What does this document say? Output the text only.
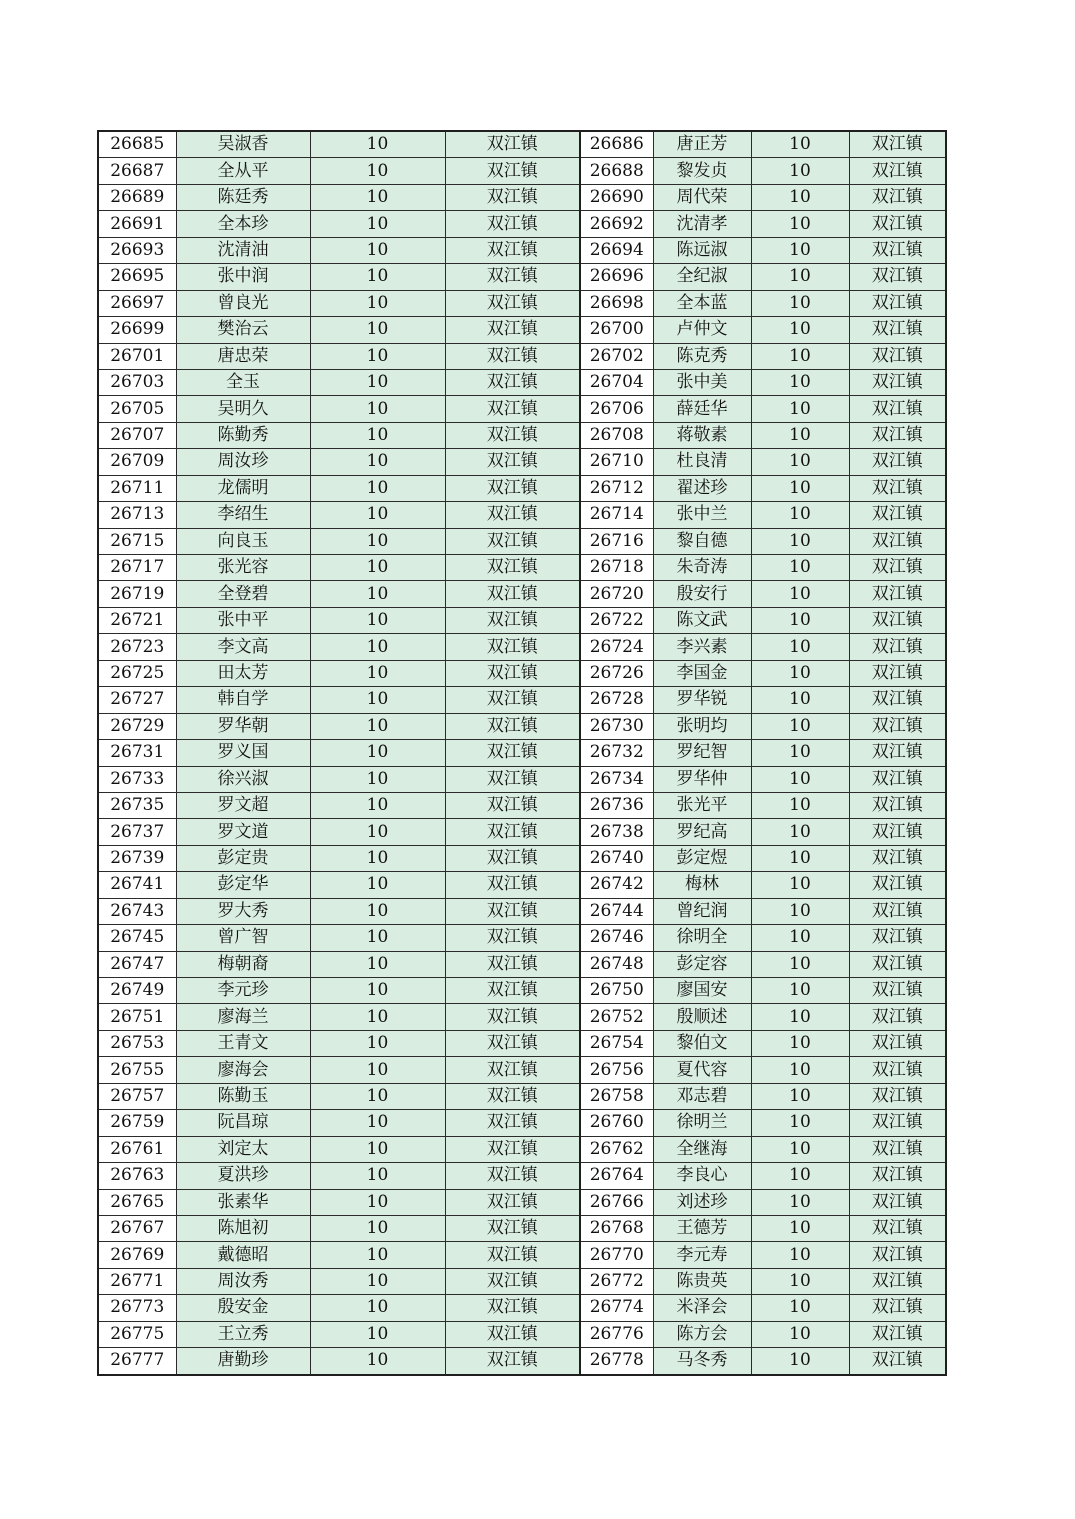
26685	吴淑香	10	双江镇	26686	唐正芳	10	双江镇
26687	全从平	10	双江镇	26688	黎发贞	10	双江镇
26689	陈廷秀	10	双江镇	26690	周代荣	10	双江镇
26691	全本珍	10	双江镇	26692	沈清孝	10	双江镇
26693	沈清油	10	双江镇	26694	陈远淑	10	双江镇
26695	张中润	10	双江镇	26696	全纪淑	10	双江镇
26697	曾良光	10	双江镇	26698	全本蓝	10	双江镇
26699	樊治云	10	双江镇	26700	卢仲文	10	双江镇
26701	唐忠荣	10	双江镇	26702	陈克秀	10	双江镇
26703	全玉	10	双江镇	26704	张中美	10	双江镇
26705	吴明久	10	双江镇	26706	薛廷华	10	双江镇
26707	陈勤秀	10	双江镇	26708	蒋敬素	10	双江镇
26709	周汝珍	10	双江镇	26710	杜良清	10	双江镇
26711	龙儒明	10	双江镇	26712	翟述珍	10	双江镇
26713	李绍生	10	双江镇	26714	张中兰	10	双江镇
26715	向良玉	10	双江镇	26716	黎自德	10	双江镇
26717	张光容	10	双江镇	26718	朱奇涛	10	双江镇
26719	全登碧	10	双江镇	26720	殷安行	10	双江镇
26721	张中平	10	双江镇	26722	陈文武	10	双江镇
26723	李文高	10	双江镇	26724	李兴素	10	双江镇
26725	田太芳	10	双江镇	26726	李国金	10	双江镇
26727	韩自学	10	双江镇	26728	罗华锐	10	双江镇
26729	罗华朝	10	双江镇	26730	张明均	10	双江镇
26731	罗义国	10	双江镇	26732	罗纪智	10	双江镇
26733	徐兴淑	10	双江镇	26734	罗华仲	10	双江镇
26735	罗文超	10	双江镇	26736	张光平	10	双江镇
26737	罗文道	10	双江镇	26738	罗纪高	10	双江镇
26739	彭定贵	10	双江镇	26740	彭定煜	10	双江镇
26741	彭定华	10	双江镇	26742	梅林	10	双江镇
26743	罗大秀	10	双江镇	26744	曾纪润	10	双江镇
26745	曾广智	10	双江镇	26746	徐明全	10	双江镇
26747	梅朝裔	10	双江镇	26748	彭定容	10	双江镇
26749	李元珍	10	双江镇	26750	廖国安	10	双江镇
26751	廖海兰	10	双江镇	26752	殷顺述	10	双江镇
26753	王青文	10	双江镇	26754	黎伯文	10	双江镇
26755	廖海会	10	双江镇	26756	夏代容	10	双江镇
26757	陈勤玉	10	双江镇	26758	邓志碧	10	双江镇
26759	阮昌琼	10	双江镇	26760	徐明兰	10	双江镇
26761	刘定太	10	双江镇	26762	全继海	10	双江镇
26763	夏洪珍	10	双江镇	26764	李良心	10	双江镇
26765	张素华	10	双江镇	26766	刘述珍	10	双江镇
26767	陈旭初	10	双江镇	26768	王德芳	10	双江镇
26769	戴德昭	10	双江镇	26770	李元寿	10	双江镇
26771	周汝秀	10	双江镇	26772	陈贵英	10	双江镇
26773	殷安金	10	双江镇	26774	米泽会	10	双江镇
26775	王立秀	10	双江镇	26776	陈方会	10	双江镇
26777	唐勤珍	10	双江镇	26778	马冬秀	10	双江镇
